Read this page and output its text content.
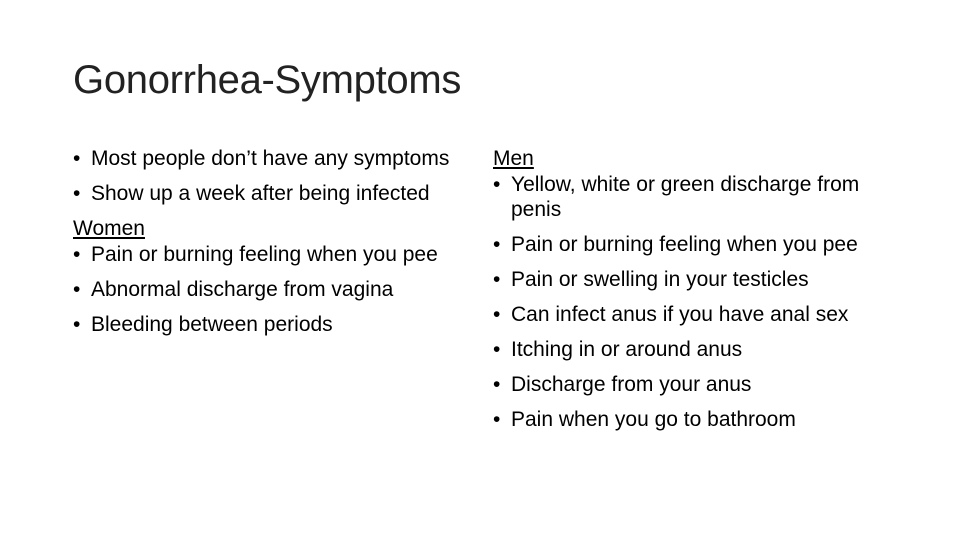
Gonorrhea-Symptoms
• Most people don’t have any symptoms
• Show up a week after being infected
Women
• Pain or burning feeling when you pee
• Abnormal discharge from vagina
• Bleeding between periods
Men
• Yellow, white or green discharge from penis
• Pain or burning feeling when you pee
• Pain or swelling in your testicles
• Can infect anus if you have anal sex
• Itching in or around anus
• Discharge from your anus
• Pain when you go to bathroom
